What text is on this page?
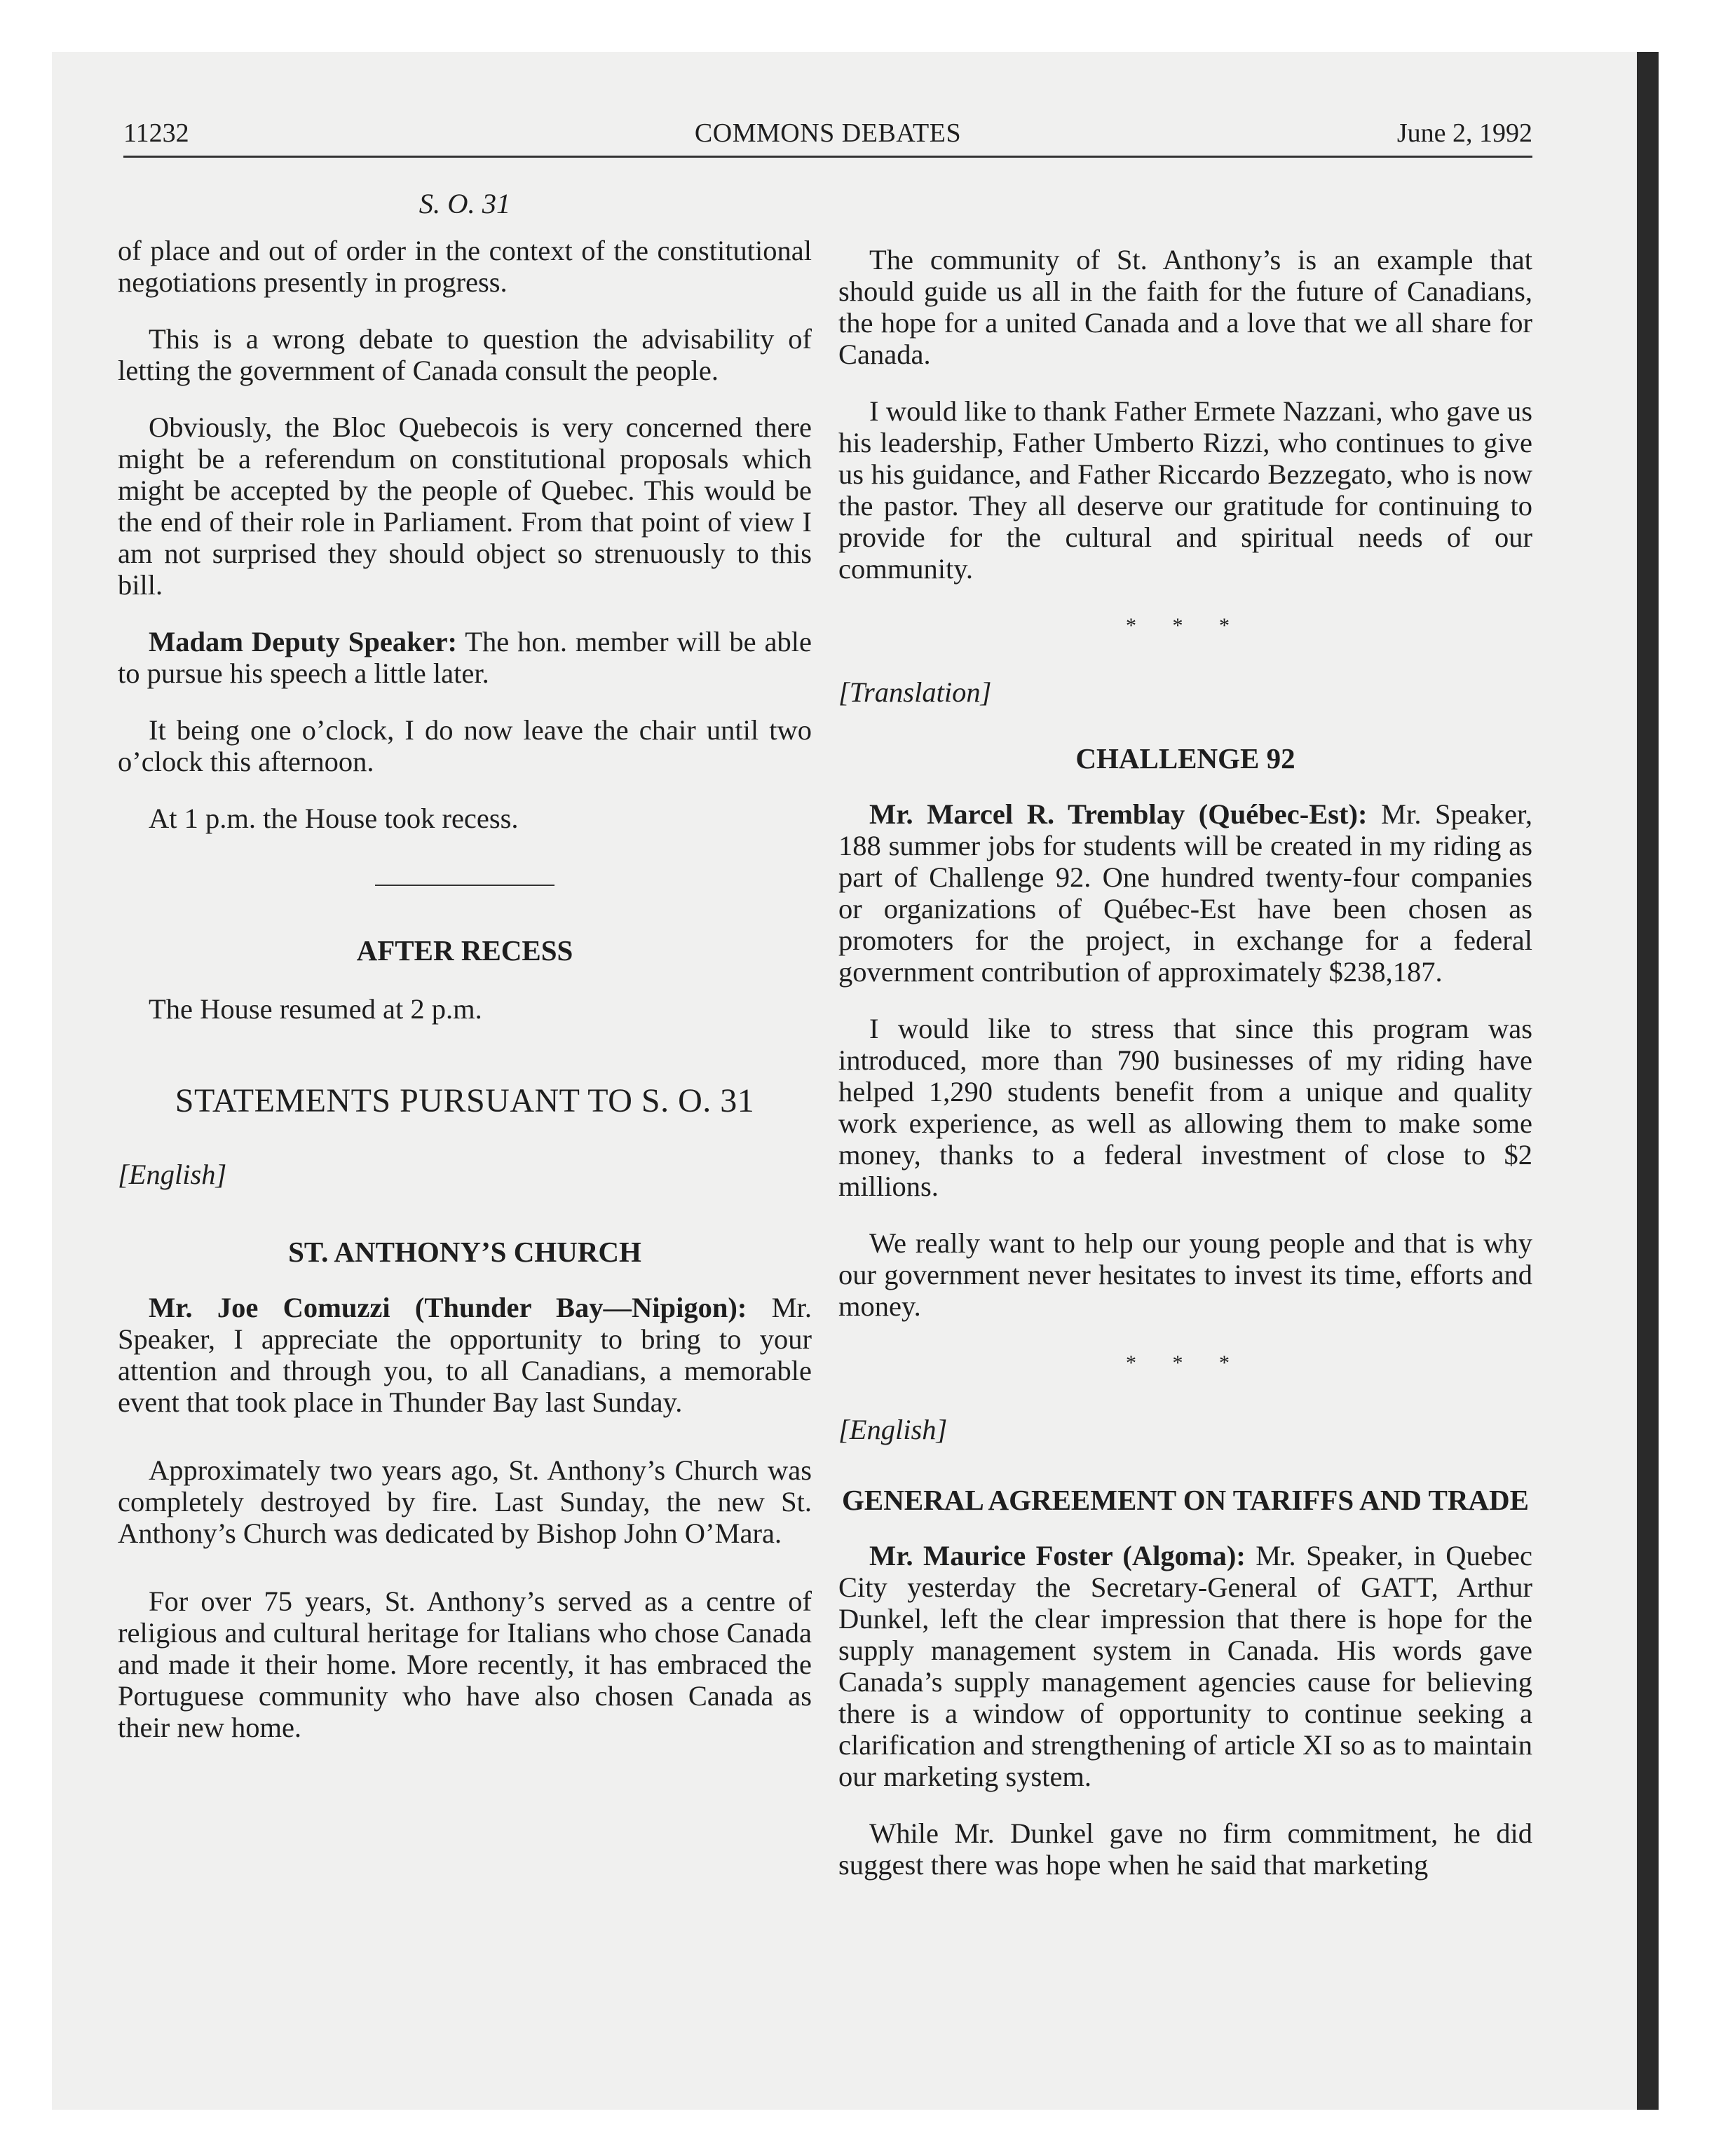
11232	COMMONS DEBATES	June 2, 1992
S. O. 31

of place and out of order in the context of the constitutional negotiations presently in progress.

This is a wrong debate to question the advisability of letting the government of Canada consult the people.

Obviously, the Bloc Quebecois is very concerned there might be a referendum on constitutional proposals which might be accepted by the people of Quebec. This would be the end of their role in Parliament. From that point of view I am not surprised they should object so strenuously to this bill.

Madam Deputy Speaker: The hon. member will be able to pursue his speech a little later.

It being one o’clock, I do now leave the chair until two o’clock this afternoon.

At 1 p.m. the House took recess.

AFTER RECESS

The House resumed at 2 p.m.

STATEMENTS PURSUANT TO S. O. 31
[English]
ST. ANTHONY’S CHURCH

Mr. Joe Comuzzi (Thunder Bay—Nipigon): Mr. Speaker, I appreciate the opportunity to bring to your attention and through you, to all Canadians, a memorable event that took place in Thunder Bay last Sunday.

Approximately two years ago, St. Anthony’s Church was completely destroyed by fire. Last Sunday, the new St. Anthony’s Church was dedicated by Bishop John O’Mara.

For over 75 years, St. Anthony’s served as a centre of religious and cultural heritage for Italians who chose Canada and made it their home. More recently, it has embraced the Portuguese community who have also chosen Canada as their new home.

The community of St. Anthony’s is an example that should guide us all in the faith for the future of Canadians, the hope for a united Canada and a love that we all share for Canada.

I would like to thank Father Ermete Nazzani, who gave us his leadership, Father Umberto Rizzi, who continues to give us his guidance, and Father Riccardo Bezzegato, who is now the pastor. They all deserve our gratitude for continuing to provide for the cultural and spiritual needs of our community.

* * *
[Translation]
CHALLENGE 92

Mr. Marcel R. Tremblay (Québec-Est): Mr. Speaker, 188 summer jobs for students will be created in my riding as part of Challenge 92. One hundred twenty-four companies or organizations of Québec-Est have been chosen as promoters for the project, in exchange for a federal government contribution of approximately $238,187.

I would like to stress that since this program was introduced, more than 790 businesses of my riding have helped 1,290 students benefit from a unique and quality work experience, as well as allowing them to make some money, thanks to a federal investment of close to $2 millions.

We really want to help our young people and that is why our government never hesitates to invest its time, efforts and money.

* * *
[English]
GENERAL AGREEMENT ON TARIFFS AND TRADE

Mr. Maurice Foster (Algoma): Mr. Speaker, in Quebec City yesterday the Secretary-General of GATT, Arthur Dunkel, left the clear impression that there is hope for the supply management system in Canada. His words gave Canada’s supply management agencies cause for believing there is a window of opportunity to continue seeking a clarification and strengthening of article XI so as to maintain our marketing system.

While Mr. Dunkel gave no firm commitment, he did suggest there was hope when he said that marketing
